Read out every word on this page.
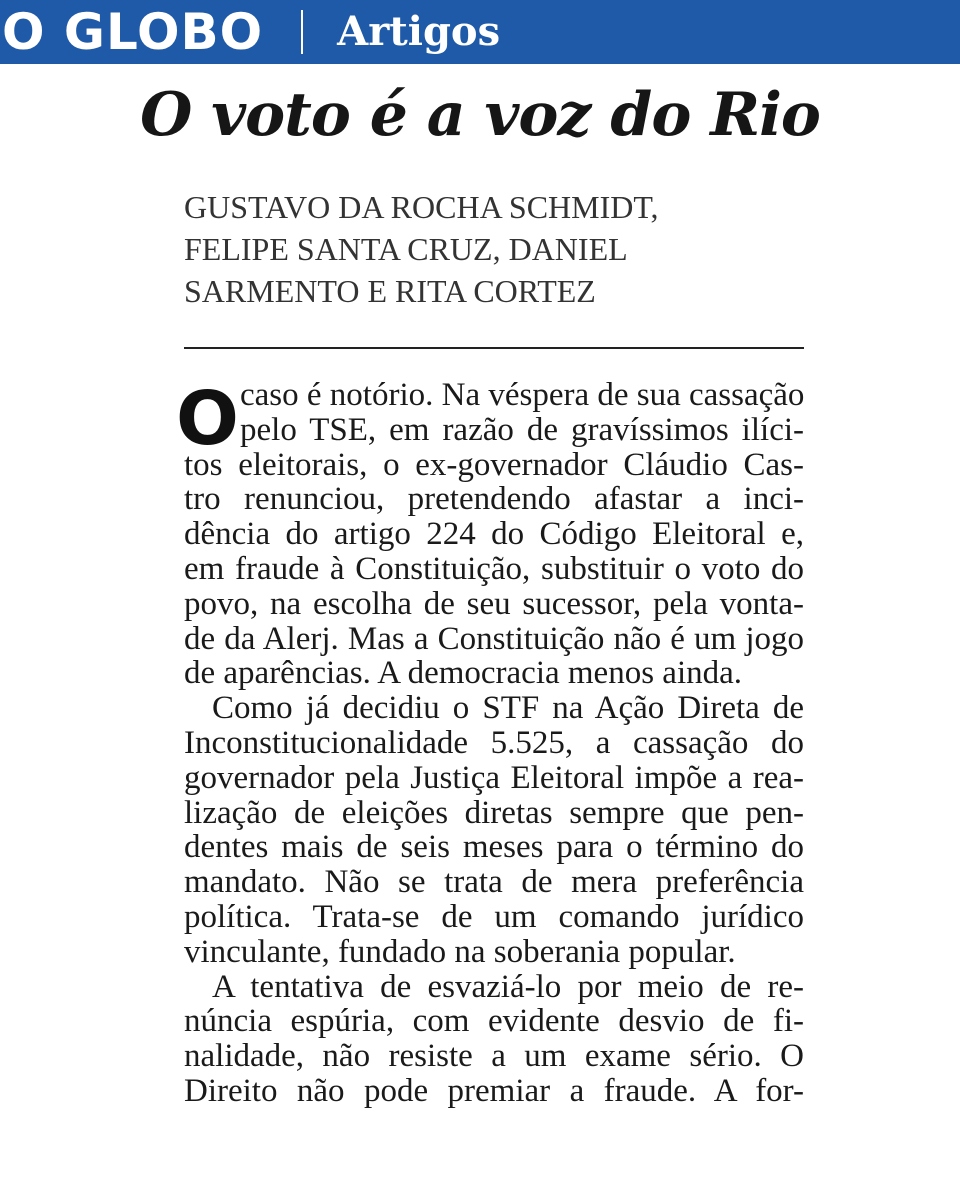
O GLOBO Artigos
O voto é a voz do Rio
GUSTAVO DA ROCHA SCHMIDT,
FELIPE SANTA CRUZ, DANIEL
SARMENTO E RITA CORTEZ
O caso é notório. Na véspera de sua cassação
pelo TSE, em razão de gravíssimos ilíci-
tos eleitorais, o ex-governador Cláudio Cas-
tro renunciou, pretendendo afastar a inci-
dência do artigo 224 do Código Eleitoral e,
em fraude à Constituição, substituir o voto do
povo, na escolha de seu sucessor, pela vonta-
de da Alerj. Mas a Constituição não é um jogo
de aparências. A democracia menos ainda.
Como já decidiu o STF na Ação Direta de
Inconstitucionalidade 5.525, a cassação do
governador pela Justiça Eleitoral impõe a rea-
lização de eleições diretas sempre que pen-
dentes mais de seis meses para o término do
mandato. Não se trata de mera preferência
política. Trata-se de um comando jurídico
vinculante, fundado na soberania popular.
A tentativa de esvaziá-lo por meio de re-
núncia espúria, com evidente desvio de fi-
nalidade, não resiste a um exame sério. O
Direito não pode premiar a fraude. A for-
